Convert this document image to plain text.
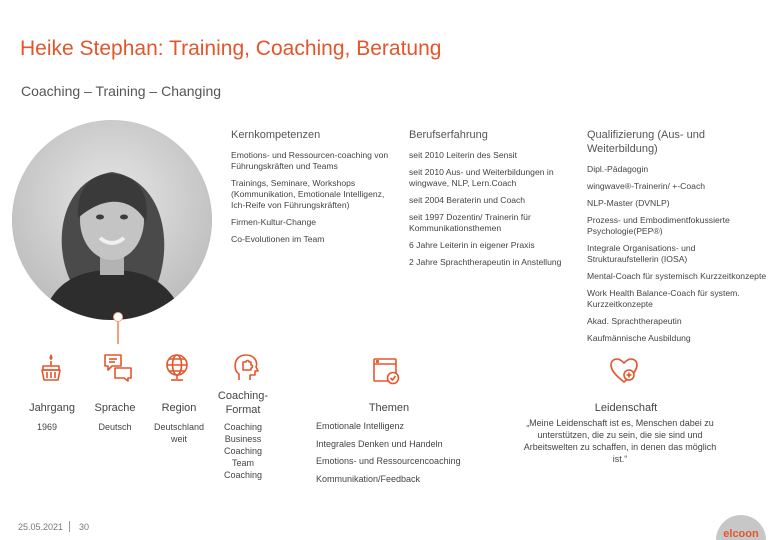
Heike Stephan: Training, Coaching, Beratung
Coaching – Training – Changing
Kernkompetenzen
Emotions- und Ressourcen-coaching von Führungskräften und Teams
Trainings, Seminare, Workshops (Kommunikation, Emotionale Intelligenz, Ich-Reife von Führungskräften)
Firmen-Kultur-Change
Co-Evolutionen im Team
Berufserfahrung
seit 2010 Leiterin des Sensit
seit 2010 Aus- und Weiterbildungen in wingwave, NLP, Lern.Coach
seit 2004 Beraterin und Coach
seit 1997 Dozentin/ Trainerin für Kommunikationsthemen
6 Jahre Leiterin in eigener Praxis
2 Jahre Sprachtherapeutin in Anstellung
Qualifizierung (Aus- und Weiterbildung)
Dipl.-Pädagogin
wingwave®-Trainerin/ +-Coach
NLP-Master (DVNLP)
Prozess- und Embodimentfokussierte Psychologie(PEP®)
Integrale Organisations- und Strukturaufstellerin (IOSA)
Mental-Coach für systemisch Kurzzeitkonzepte
Work Health Balance-Coach für system. Kurzzeitkonzepte
Akad. Sprachtherapeutin
Kaufmännische Ausbildung
Jahrgang	Sprache	Region
Coaching-Format	Themen	Leidenschaft
1969	Deutsch	Deutschland weit
Coaching Business Coaching Team Coaching
Emotionale Intelligenz
Integrales Denken und Handeln
Emotions- und Ressourcencoaching
Kommunikation/Feedback
„Meine Leidenschaft ist es, Menschen dabei zu unterstützen, die zu sein, die sie sind und Arbeitswelten zu schaffen, in denen das möglich ist.“
25.05.2021 30
elcoon
